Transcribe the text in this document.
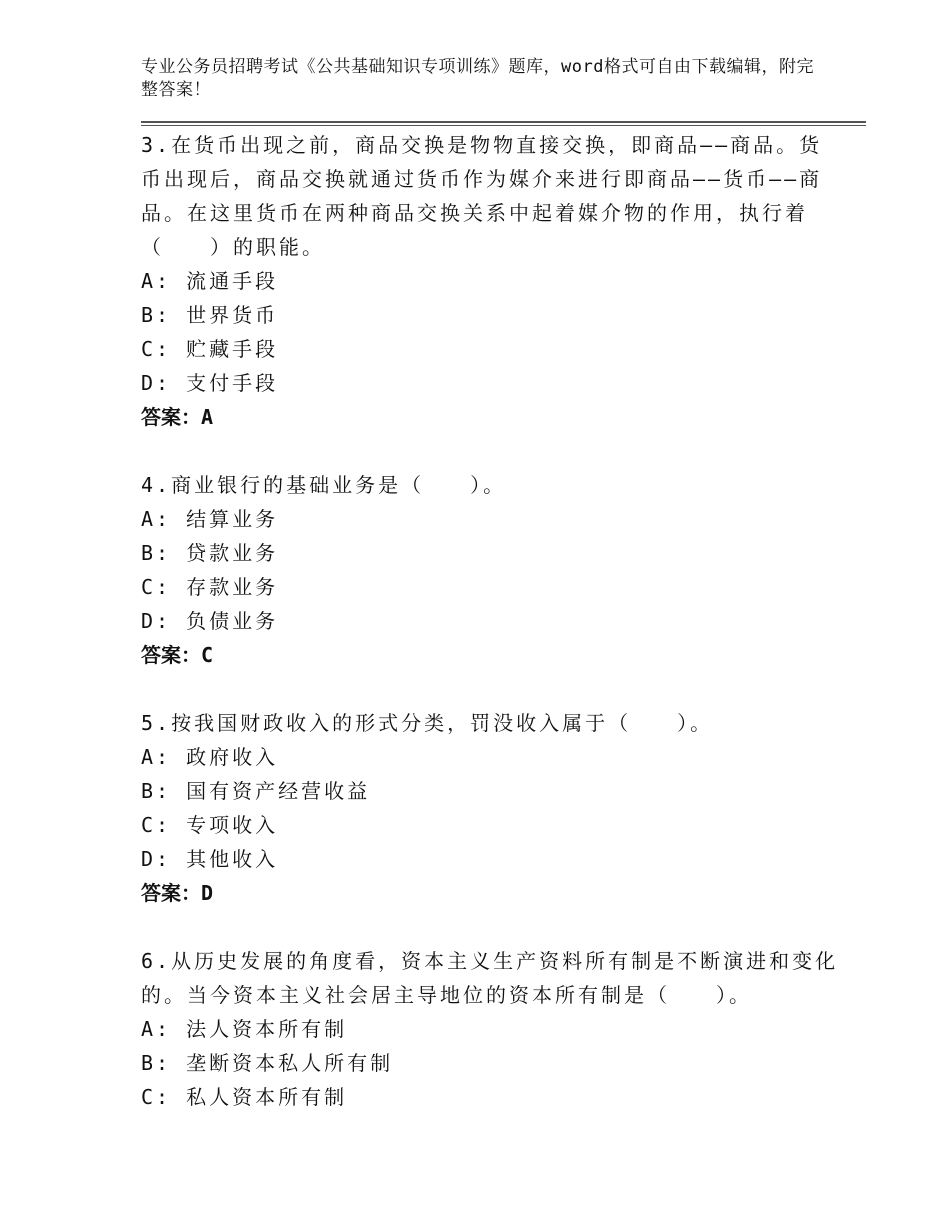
专业公务员招聘考试《公共基础知识专项训练》题库，word格式可自由下载编辑，附完整答案！

3.在货币出现之前，商品交换是物物直接交换，即商品——商品。货币出现后，商品交换就通过货币作为媒介来进行即商品——货币——商品。在这里货币在两种商品交换关系中起着媒介物的作用，执行着（　　）的职能。

A: 流通手段

B: 世界货币

C: 贮藏手段

D: 支付手段

答案：A

4.商业银行的基础业务是（　　）。

A: 结算业务

B: 贷款业务

C: 存款业务

D: 负债业务

答案：C

5.按我国财政收入的形式分类，罚没收入属于（　　）。

A: 政府收入

B: 国有资产经营收益

C: 专项收入

D: 其他收入

答案：D

6.从历史发展的角度看，资本主义生产资料所有制是不断演进和变化的。当今资本主义社会居主导地位的资本所有制是（　　）。

A: 法人资本所有制

B: 垄断资本私人所有制

C: 私人资本所有制
